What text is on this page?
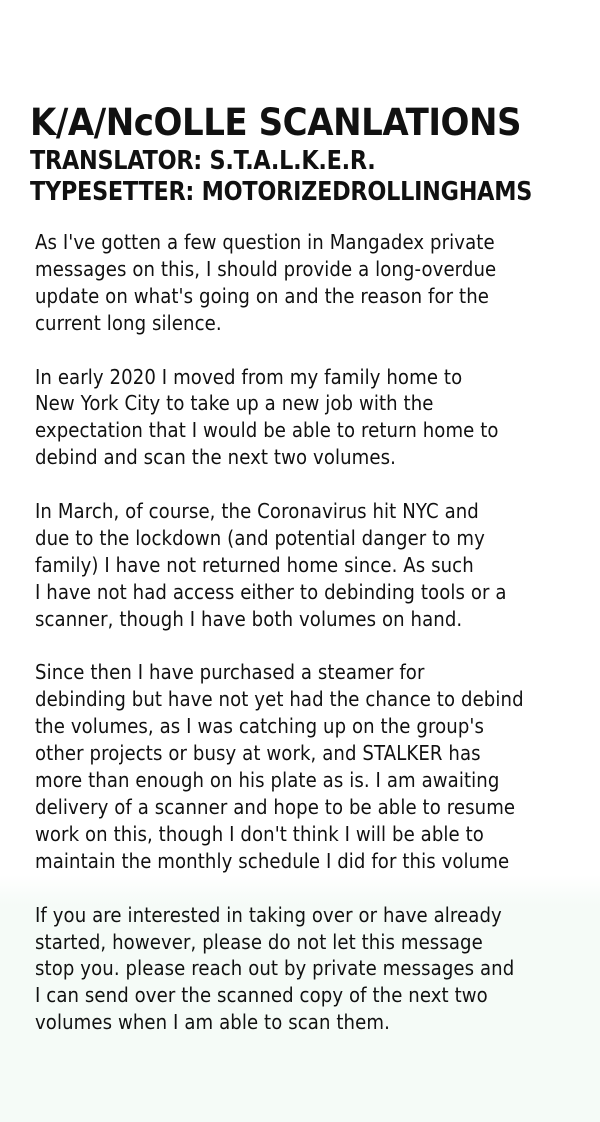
K/A/NcOLLE SCANLATIONS
TRANSLATOR: S.T.A.L.K.E.R.
TYPESETTER: MOTORIZEDROLLINGHAMS

As I've gotten a few question in Mangadex private
messages on this, I should provide a long-overdue
update on what's going on and the reason for the
current long silence.

In early 2020 I moved from my family home to
New York City to take up a new job with the
expectation that I would be able to return home to
debind and scan the next two volumes.

In March, of course, the Coronavirus hit NYC and
due to the lockdown (and potential danger to my
family) I have not returned home since. As such
I have not had access either to debinding tools or a
scanner, though I have both volumes on hand.

Since then I have purchased a steamer for
debinding but have not yet had the chance to debind
the volumes, as I was catching up on the group's
other projects or busy at work, and STALKER has
more than enough on his plate as is. I am awaiting
delivery of a scanner and hope to be able to resume
work on this, though I don't think I will be able to
maintain the monthly schedule I did for this volume

If you are interested in taking over or have already
started, however, please do not let this message
stop you. please reach out by private messages and
I can send over the scanned copy of the next two
volumes when I am able to scan them.
